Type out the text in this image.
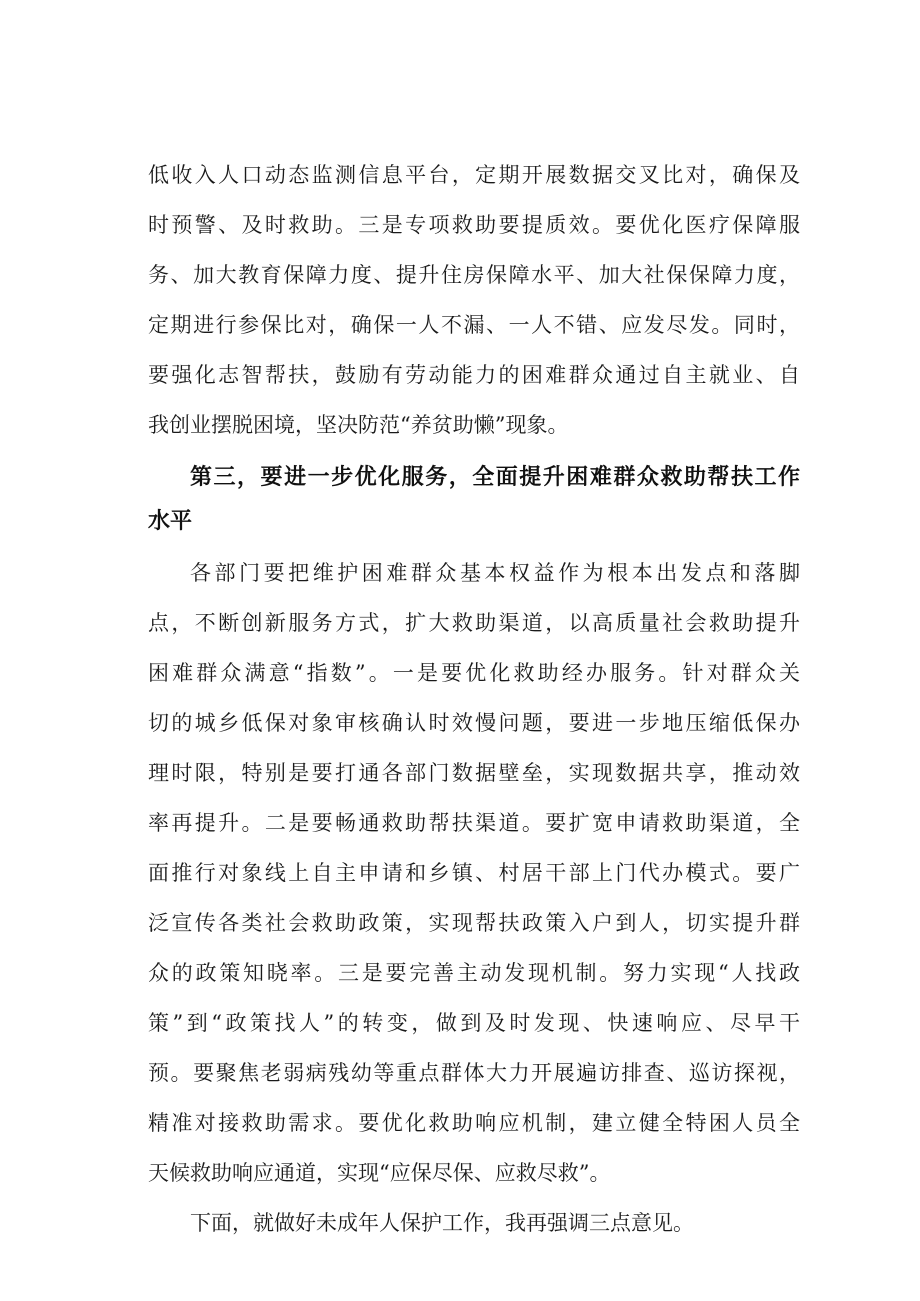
低收入人口动态监测信息平台，定期开展数据交叉比对，确保及
时预警、及时救助。三是专项救助要提质效。要优化医疗保障服
务、加大教育保障力度、提升住房保障水平、加大社保保障力度，
定期进行参保比对，确保一人不漏、一人不错、应发尽发。同时，
要强化志智帮扶，鼓励有劳动能力的困难群众通过自主就业、自
我创业摆脱困境，坚决防范“养贫助懒”现象。
第三，要进一步优化服务，全面提升困难群众救助帮扶工作
水平
各部门要把维护困难群众基本权益作为根本出发点和落脚
点，不断创新服务方式，扩大救助渠道，以高质量社会救助提升
困难群众满意“指数”。一是要优化救助经办服务。针对群众关
切的城乡低保对象审核确认时效慢问题，要进一步地压缩低保办
理时限，特别是要打通各部门数据壁垒，实现数据共享，推动效
率再提升。二是要畅通救助帮扶渠道。要扩宽申请救助渠道，全
面推行对象线上自主申请和乡镇、村居干部上门代办模式。要广
泛宣传各类社会救助政策，实现帮扶政策入户到人，切实提升群
众的政策知晓率。三是要完善主动发现机制。努力实现“人找政
策”到“政策找人”的转变，做到及时发现、快速响应、尽早干
预。要聚焦老弱病残幼等重点群体大力开展遍访排查、巡访探视，
精准对接救助需求。要优化救助响应机制，建立健全特困人员全
天候救助响应通道，实现“应保尽保、应救尽救”。
下面，就做好未成年人保护工作，我再强调三点意见。
